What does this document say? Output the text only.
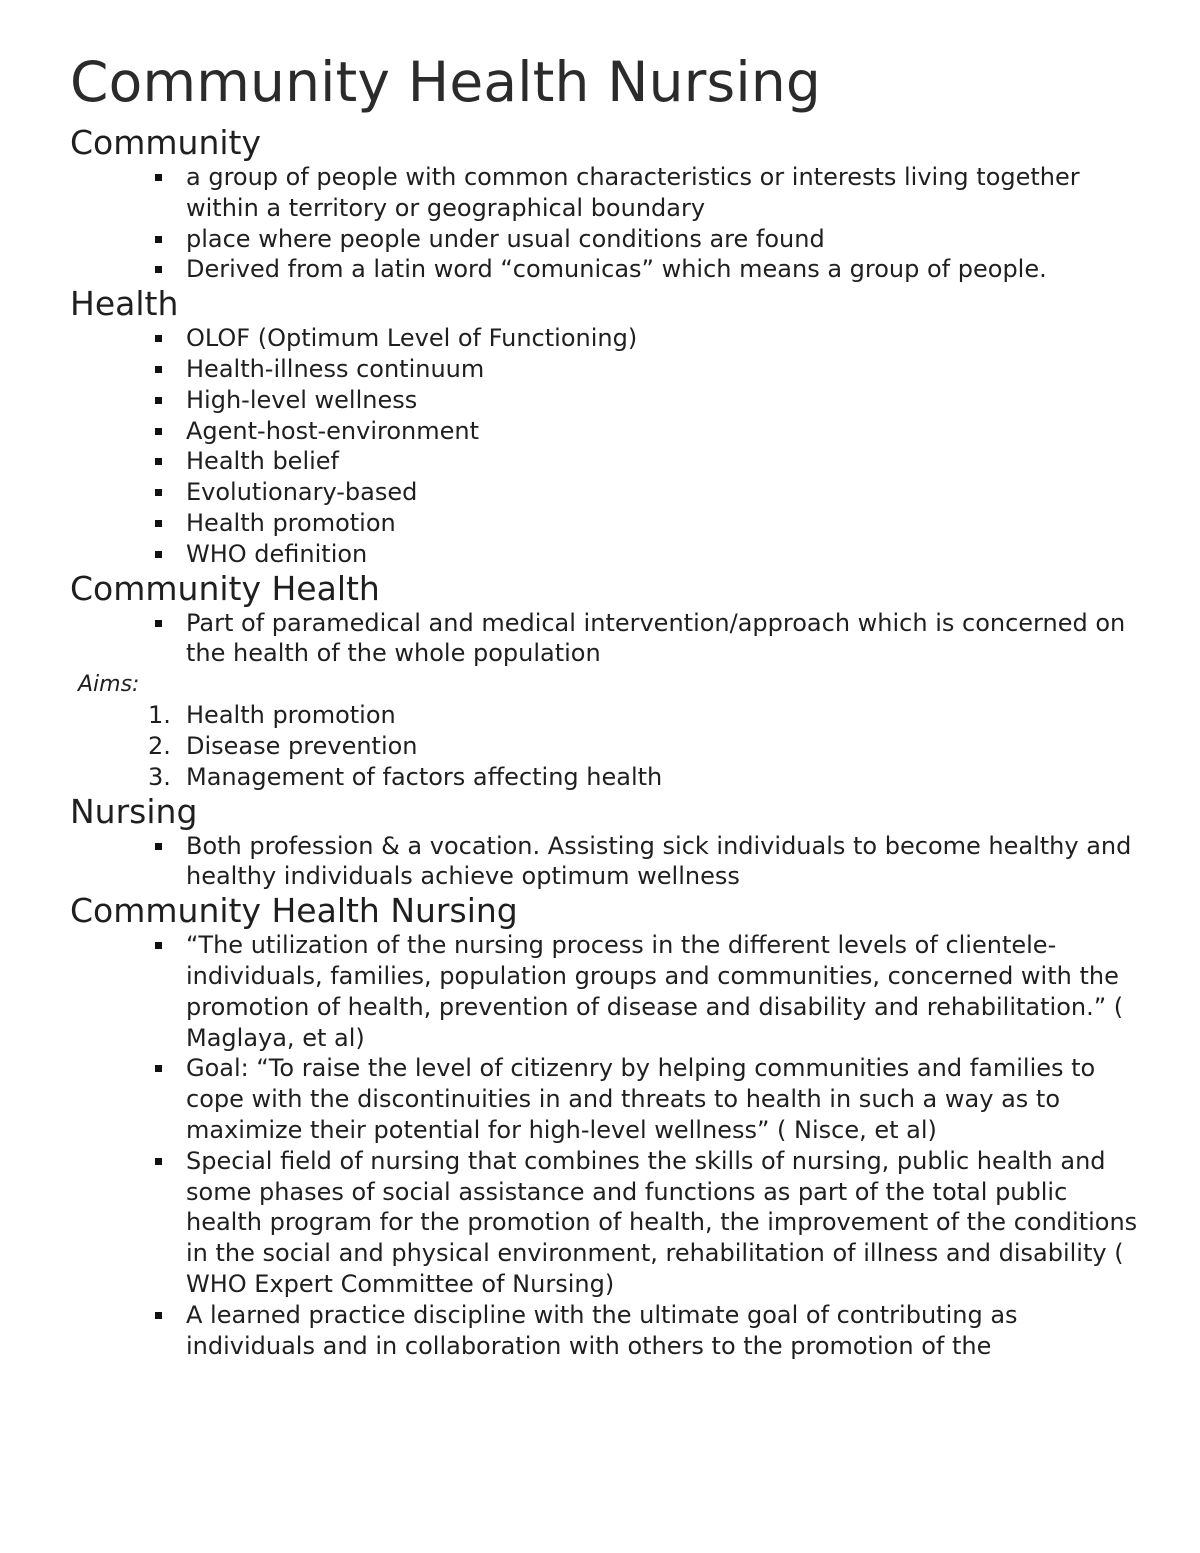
Community Health Nursing
Community
a group of people with common characteristics or interests living together within a territory or geographical boundary
place where people under usual conditions are found
Derived from a latin word “comunicas” which means a group of people.
Health
OLOF (Optimum Level of Functioning)
Health-illness continuum
High-level wellness
Agent-host-environment
Health belief
Evolutionary-based
Health promotion
WHO definition
Community Health
Part of paramedical and medical intervention/approach which is concerned on the health of the whole population

Aims:

1. Health promotion
2. Disease prevention
3. Management of factors affecting health
Nursing
Both profession & a vocation. Assisting sick individuals to become healthy and healthy individuals achieve optimum wellness
Community Health Nursing
“The utilization of the nursing process in the different levels of clientele-individuals, families, population groups and communities, concerned with the promotion of health, prevention of disease and disability and rehabilitation.” ( Maglaya, et al)
Goal: “To raise the level of citizenry by helping communities and families to cope with the discontinuities in and threats to health in such a way as to maximize their potential for high-level wellness” ( Nisce, et al)
Special field of nursing that combines the skills of nursing, public health and some phases of social assistance and functions as part of the total public health program for the promotion of health, the improvement of the conditions in the social and physical environment, rehabilitation of illness and disability ( WHO Expert Committee of Nursing)
A learned practice discipline with the ultimate goal of contributing as individuals and in collaboration with others to the promotion of the
